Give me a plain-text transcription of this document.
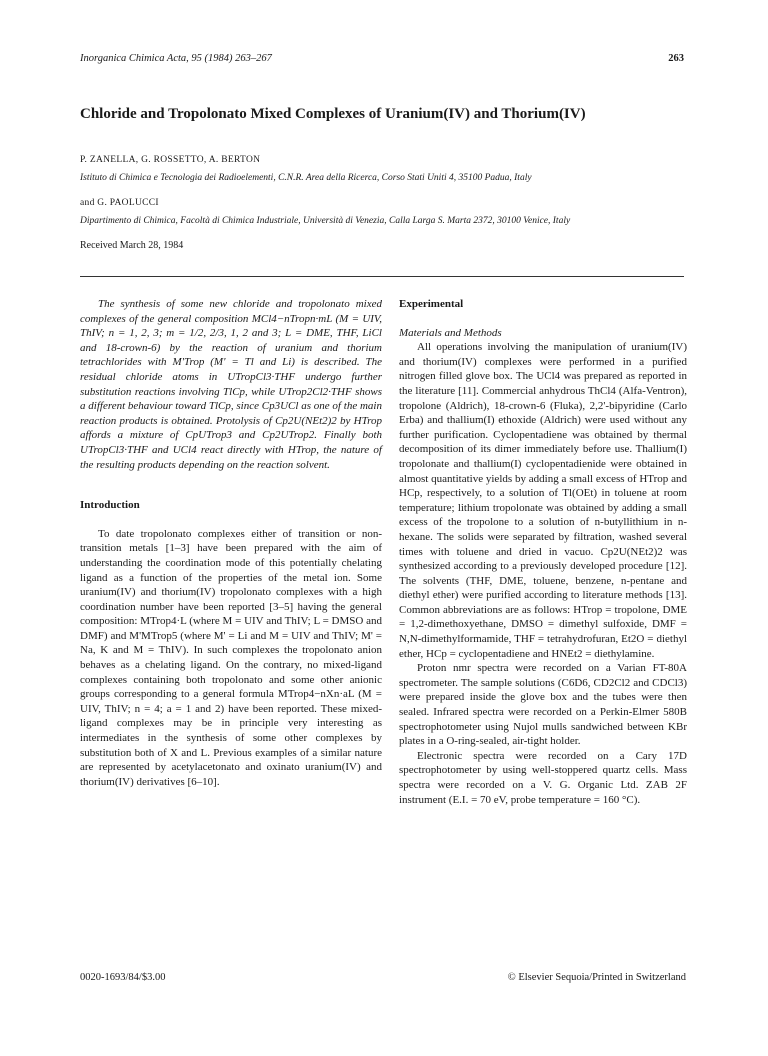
Inorganica Chimica Acta, 95 (1984) 263–267	263
Chloride and Tropolonato Mixed Complexes of Uranium(IV) and Thorium(IV)
P. ZANELLA, G. ROSSETTO, A. BERTON
Istituto di Chimica e Tecnologia dei Radioelementi, C.N.R. Area della Ricerca, Corso Stati Uniti 4, 35100 Padua, Italy
and G. PAOLUCCI
Dipartimento di Chimica, Facoltà di Chimica Industriale, Università di Venezia, Calla Larga S. Marta 2372, 30100 Venice, Italy
Received March 28, 1984

The synthesis of some new chloride and tropolonato mixed complexes of the general composition MCl4−nTropn·mL (M = UIV, ThIV; n = 1, 2, 3; m = 1/2, 2/3, 1, 2 and 3; L = DME, THF, LiCl and 18-crown-6) by the reaction of uranium and thorium tetrachlorides with M'Trop (M' = Tl and Li) is described. The residual chloride atoms in UTropCl3·THF undergo further substitution reactions involving TlCp, while UTrop2Cl2·THF shows a different behaviour toward TlCp, since Cp3UCl as one of the main reaction products is obtained. Protolysis of Cp2U(NEt2)2 by HTrop affords a mixture of CpUTrop3 and Cp2UTrop2. Finally both UTropCl3·THF and UCl4 react directly with HTrop, the nature of the resulting products depending on the reaction solvent.

Introduction

To date tropolonato complexes either of transition or non-transition metals [1–3] have been prepared with the aim of understanding the coordination mode of this potentially chelating ligand as a function of the properties of the metal ion. Some uranium(IV) and thorium(IV) tropolonato complexes with a high coordination number have been reported [3–5] having the general composition: MTrop4·L (where M = UIV and ThIV; L = DMSO and DMF) and M'MTrop5 (where M' = Li and M = UIV and ThIV; M' = Na, K and M = ThIV). In such complexes the tropolonato anion behaves as a chelating ligand. On the contrary, no mixed-ligand complexes containing both tropolonato and some other anionic groups corresponding to a general formula MTrop4−nXn·aL (M = UIV, ThIV; n = 4; a = 1 and 2) have been reported. These mixed-ligand complexes may be in principle very interesting as intermediates in the synthesis of some other complexes by substitution both of X and L. Previous examples of a similar nature are represented by acetylacetonato and oxinato uranium(IV) and thorium(IV) derivatives [6–10].

Experimental

Materials and Methods

All operations involving the manipulation of uranium(IV) and thorium(IV) complexes were performed in a purified nitrogen filled glove box. The UCl4 was prepared as reported in the literature [11]. Commercial anhydrous ThCl4 (Alfa-Ventron), tropolone (Aldrich), 18-crown-6 (Fluka), 2,2'-bipyridine (Carlo Erba) and thallium(I) ethoxide (Aldrich) were used without any further purification. Cyclopentadiene was obtained by thermal decomposition of its dimer immediately before use. Thallium(I) tropolonate and thallium(I) cyclopentadienide were obtained in almost quantitative yields by adding a small excess of HTrop and HCp, respectively, to a solution of Tl(OEt) in toluene at room temperature; lithium tropolonate was obtained by adding a small excess of the tropolone to a solution of n-butyllithium in n-hexane. The solids were separated by filtration, washed several times with toluene and dried in vacuo. Cp2U(NEt2)2 was synthesized according to a previously developed procedure [12]. The solvents (THF, DME, toluene, benzene, n-pentane and diethyl ether) were purified according to literature methods [13]. Common abbreviations are as follows: HTrop = tropolone, DME = 1,2-dimethoxyethane, DMSO = dimethyl sulfoxide, DMF = N,N-dimethylformamide, THF = tetrahydrofuran, Et2O = diethyl ether, HCp = cyclopentadiene and HNEt2 = diethylamine.

Proton nmr spectra were recorded on a Varian FT-80A spectrometer. The sample solutions (C6D6, CD2Cl2 and CDCl3) were prepared inside the glove box and the tubes were then sealed. Infrared spectra were recorded on a Perkin-Elmer 580B spectrophotometer using Nujol mulls sandwiched between KBr plates in a O-ring-sealed, air-tight holder.

Electronic spectra were recorded on a Cary 17D spectrophotometer by using well-stoppered quartz cells. Mass spectra were recorded on a V. G. Organic Ltd. ZAB 2F instrument (E.I. = 70 eV, probe temperature = 160 °C).

0020-1693/84/$3.00	© Elsevier Sequoia/Printed in Switzerland
